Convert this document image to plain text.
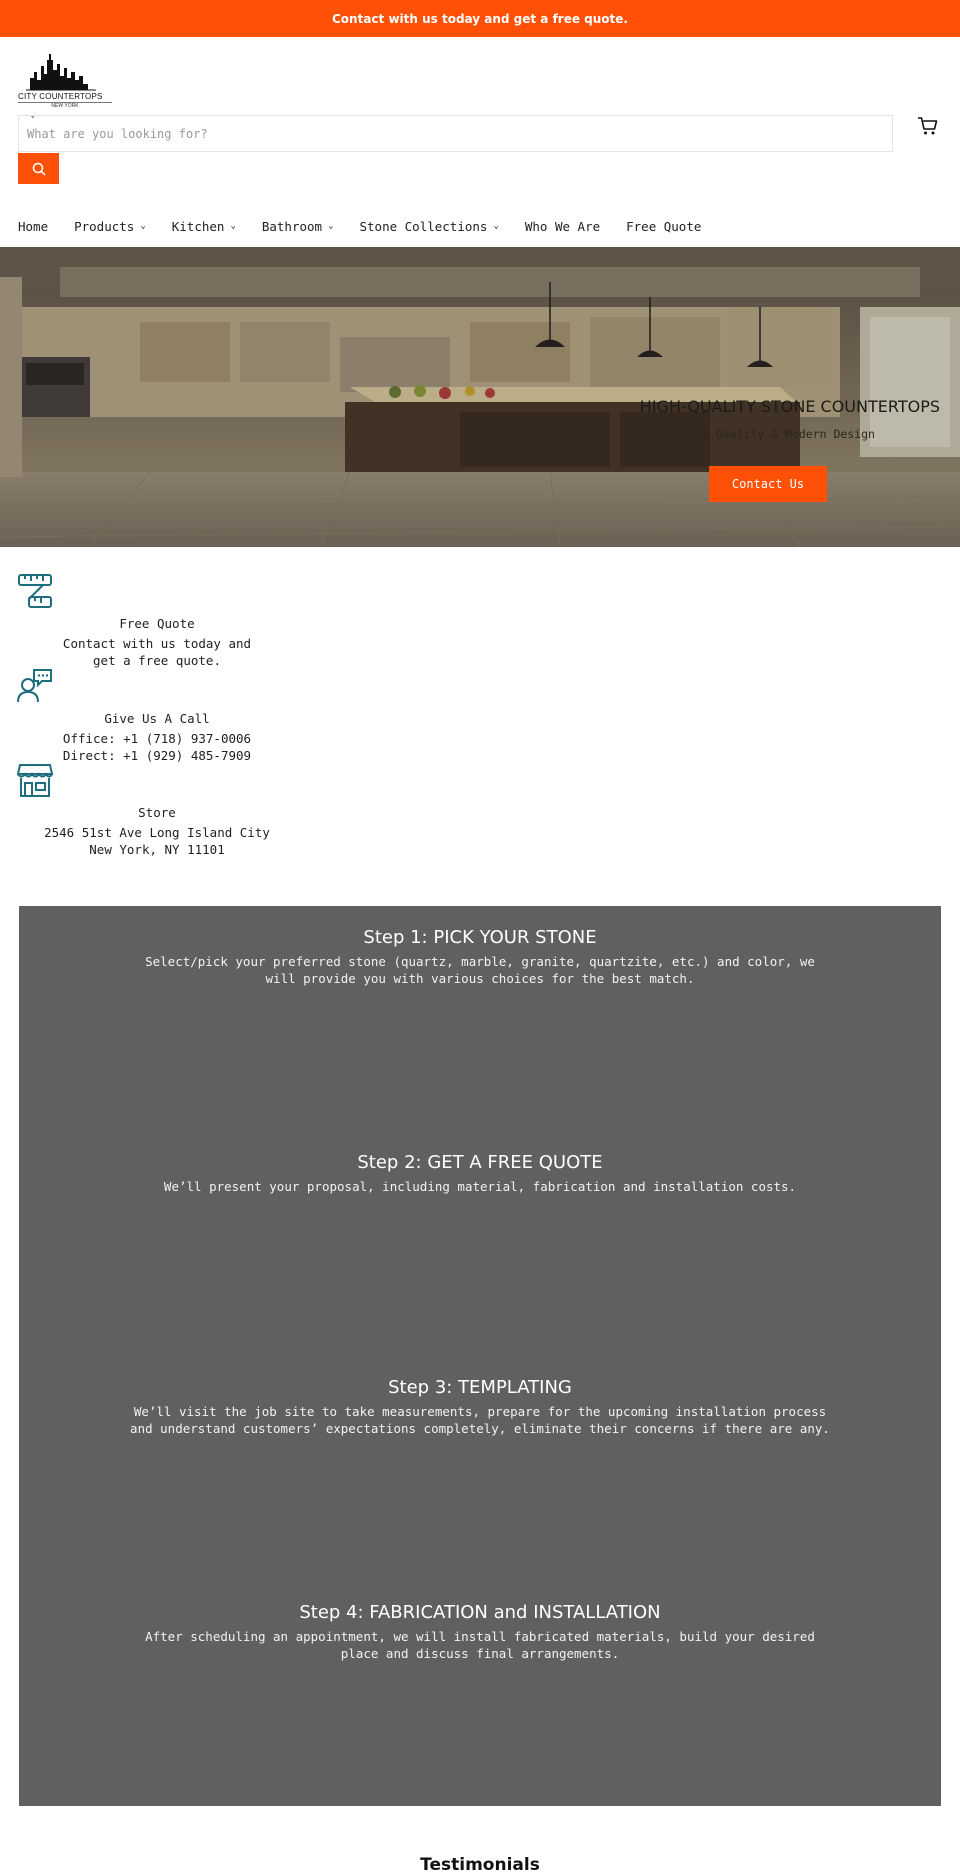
Contact with us today and get a free quote.
CITY COUNTERTOPS
NEW YORK
⌄
What are you looking for?
Home Products ⌄ Kitchen ⌄ Bathroom ⌄ Stone Collections ⌄ Who We Are Free Quote
HIGH-QUALITY STONE COUNTERTOPS
Best Quality & Modern Design
Contact Us
Free Quote
Contact with us today and
get a free quote.
Give Us A Call
Office: +1 (718) 937-0006
Direct: +1 (929) 485-7909
Store
2546 51st Ave Long Island City
New York, NY 11101
Step 1: PICK YOUR STONE
Select/pick your preferred stone (quartz, marble, granite, quartzite, etc.) and color, we
will provide you with various choices for the best match.
Step 2: GET A FREE QUOTE
We’ll present your proposal, including material, fabrication and installation costs.
Step 3: TEMPLATING
We’ll visit the job site to take measurements, prepare for the upcoming installation process
and understand customers’ expectations completely, eliminate their concerns if there are any.
Step 4: FABRICATION and INSTALLATION
After scheduling an appointment, we will install fabricated materials, build your desired
place and discuss final arrangements.
Testimonials
